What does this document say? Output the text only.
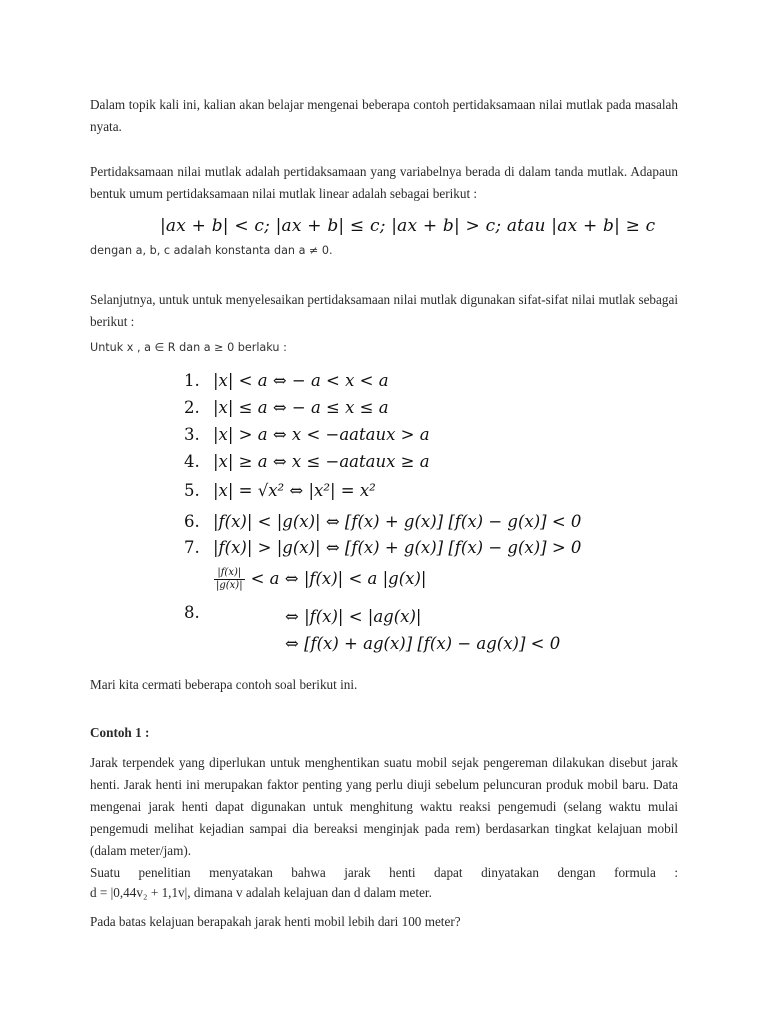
Dalam topik kali ini, kalian akan belajar mengenai beberapa contoh pertidaksamaan nilai mutlak pada masalah nyata.

Pertidaksamaan nilai mutlak adalah pertidaksamaan yang variabelnya berada di dalam tanda mutlak. Adapaun bentuk umum pertidaksamaan nilai mutlak linear adalah sebagai berikut :

|ax + b| < c; |ax + b| ≤ c; |ax + b| > c; atau |ax + b| ≥ c

dengan a, b, c adalah konstanta dan a ≠ 0.

Selanjutnya, untuk untuk menyelesaikan pertidaksamaan nilai mutlak digunakan sifat-sifat nilai mutlak sebagai berikut :

Untuk x , a ∈ R dan a ≥ 0 berlaku :

1. |x| < a ⇔ − a < x < a
2. |x| ≤ a ⇔ − a ≤ x ≤ a
3. |x| > a ⇔ x < −aataux > a
4. |x| ≥ a ⇔ x ≤ −aataux ≥ a
5. |x| = √x² ⇔ |x²| = x²
6. |f(x)| < |g(x)| ⇔ [f(x) + g(x)] [f(x) − g(x)] < 0
7. |f(x)| > |g(x)| ⇔ [f(x) + g(x)] [f(x) − g(x)] > 0
$\frac{|f(x)|}{|g(x)|} < a$ ⇔ |f(x)| < a |g(x)|
8.	⇔ |f(x)| < |ag(x)|
⇔ [f(x) + ag(x)] [f(x) − ag(x)] < 0

Mari kita cermati beberapa contoh soal berikut ini.

Contoh 1 :

Jarak terpendek yang diperlukan untuk menghentikan suatu mobil sejak pengereman dilakukan disebut jarak henti. Jarak henti ini merupakan faktor penting yang perlu diuji sebelum peluncuran produk mobil baru. Data mengenai jarak henti dapat digunakan untuk menghitung waktu reaksi pengemudi (selang waktu mulai pengemudi melihat kejadian sampai dia bereaksi menginjak pada rem) berdasarkan tingkat kelajuan mobil (dalam meter/jam).

Suatu penelitian menyatakan bahwa jarak henti dapat dinyatakan dengan formula :

d = |0,44v₂ + 1,1v|, dimana v adalah kelajuan dan d dalam meter.

Pada batas kelajuan berapakah jarak henti mobil lebih dari 100 meter?
